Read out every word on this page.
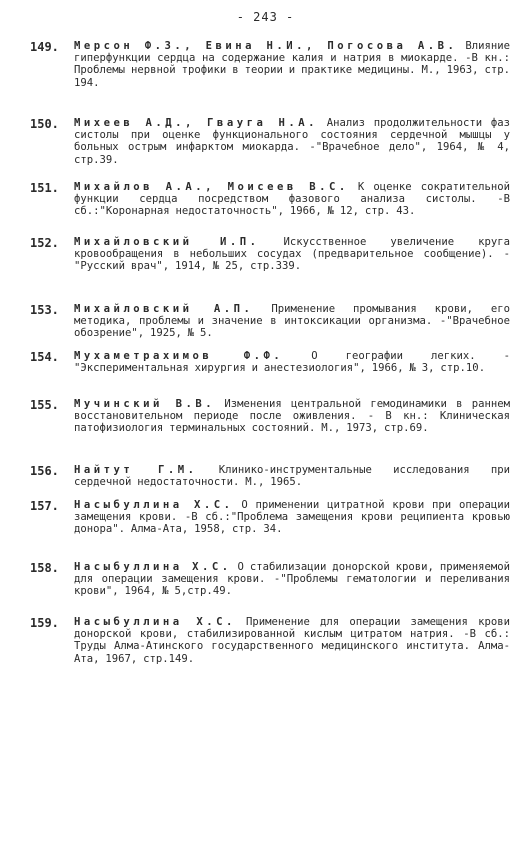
- 243 -
149.	Мерсон Ф.З., Евина Н.И., Погосова А.В. Влияние гиперфункции сердца на содержание калия и натрия в миокарде. -В кн.: Проблемы нервной трофики в теории и практике медицины. М., 1963, стр. 194.
150.	Михеев А.Д., Гвауга Н.А. Анализ продолжительности фаз систолы при оценке функционального состояния сердечной мышцы у больных острым инфарктом миокарда. -"Врачебное дело", 1964, № 4, стр.39.
151.	Михайлов А.А., Моисеев В.С. К оценке сократительной функции сердца посредством фазового анализа систолы. -В сб.:"Коронарная недостаточность", 1966, № 12, стр. 43.
152.	Михайловский И.П. Искусственное увеличение круга кровообращения в небольших сосудах (предварительное сообщение). -"Русский врач", 1914, № 25, стр.339.
153.	Михайловский А.П. Применение промывания крови, его методика, проблемы и значение в интоксикации организма. -"Врачебное обозрение", 1925, № 5.
154.	Мухаметрахимов Ф.Ф.	О географии легких. -"Экспериментальная хирургия и анестезиология", 1966, № 3, стр.10.
155.	Мучинский В.В. Изменения центральной гемодинамики в раннем восстановительном периоде после оживления. - В кн.: Клиническая патофизиология терминальных состояний. М., 1973, стр.69.
156.	Найтут Г.М. Клинико-инструментальные исследования при сердечной недостаточности. М., 1965.
157.	Насыбуллина Х.С. О применении цитратной крови при операции замещения крови. -В сб.:"Проблема замещения крови реципиента кровью донора". Алма-Ата, 1958, стр. 34.
158.	Насыбуллина Х.С. О стабилизации донорской крови, применяемой для операции замещения крови. -"Проблемы гематологии и переливания крови", 1964, № 5,стр.49.
159.	Насыбуллина Х.С. Применение для операции замещения крови донорской крови, стабилизированной кислым цитратом натрия. -В сб.: Труды Алма-Атинского государственного медицинского института. Алма-Ата, 1967, стр.149.
